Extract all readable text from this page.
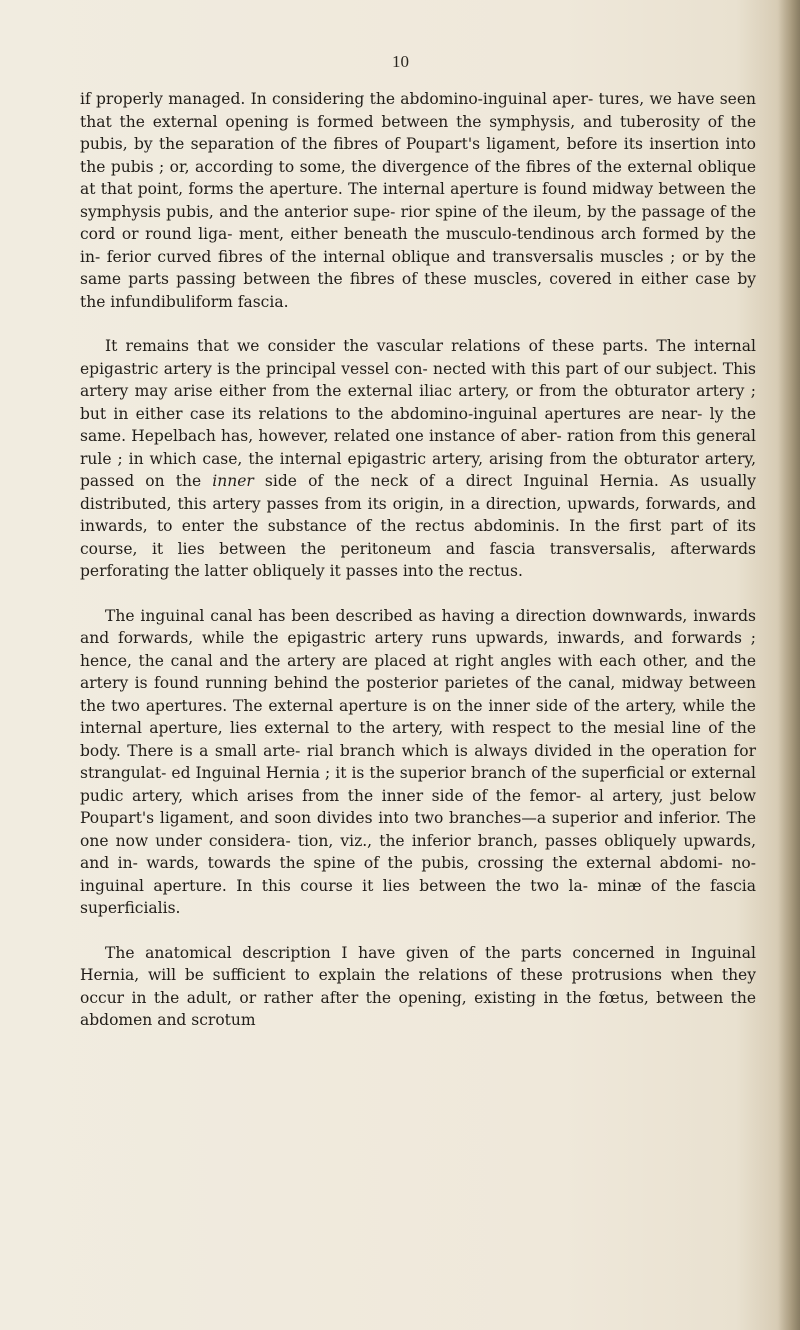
10

if properly managed. In considering the abdomino-inguinal aper- tures, we have seen that the external opening is formed between the symphysis, and tuberosity of the pubis, by the separation of the fibres of Poupart's ligament, before its insertion into the pubis ; or, according to some, the divergence of the fibres of the external oblique at that point, forms the aperture. The internal aperture is found midway between the symphysis pubis, and the anterior supe- rior spine of the ileum, by the passage of the cord or round liga- ment, either beneath the musculo-tendinous arch formed by the in- ferior curved fibres of the internal oblique and transversalis muscles ; or by the same parts passing between the fibres of these muscles, covered in either case by the infundibuliform fascia.

It remains that we consider the vascular relations of these parts. The internal epigastric artery is the principal vessel con- nected with this part of our subject. This artery may arise either from the external iliac artery, or from the obturator artery ; but in either case its relations to the abdomino-inguinal apertures are near- ly the same. Hepelbach has, however, related one instance of aber- ration from this general rule ; in which case, the internal epigastric artery, arising from the obturator artery, passed on the inner side of the neck of a direct Inguinal Hernia. As usually distributed, this artery passes from its origin, in a direction, upwards, forwards, and inwards, to enter the substance of the rectus abdominis. In the first part of its course, it lies between the peritoneum and fascia transversalis, afterwards perforating the latter obliquely it passes into the rectus.

The inguinal canal has been described as having a direction downwards, inwards and forwards, while the epigastric artery runs upwards, inwards, and forwards ; hence, the canal and the artery are placed at right angles with each other, and the artery is found running behind the posterior parietes of the canal, midway between the two apertures. The external aperture is on the inner side of the artery, while the internal aperture, lies external to the artery, with respect to the mesial line of the body. There is a small arte- rial branch which is always divided in the operation for strangulat- ed Inguinal Hernia ; it is the superior branch of the superficial or external pudic artery, which arises from the inner side of the femor- al artery, just below Poupart's ligament, and soon divides into two branches—a superior and inferior. The one now under considera- tion, viz., the inferior branch, passes obliquely upwards, and in- wards, towards the spine of the pubis, crossing the external abdomi- no-inguinal aperture. In this course it lies between the two la- minæ of the fascia superficialis.

The anatomical description I have given of the parts concerned in Inguinal Hernia, will be sufficient to explain the relations of these protrusions when they occur in the adult, or rather after the opening, existing in the fœtus, between the abdomen and scrotum
